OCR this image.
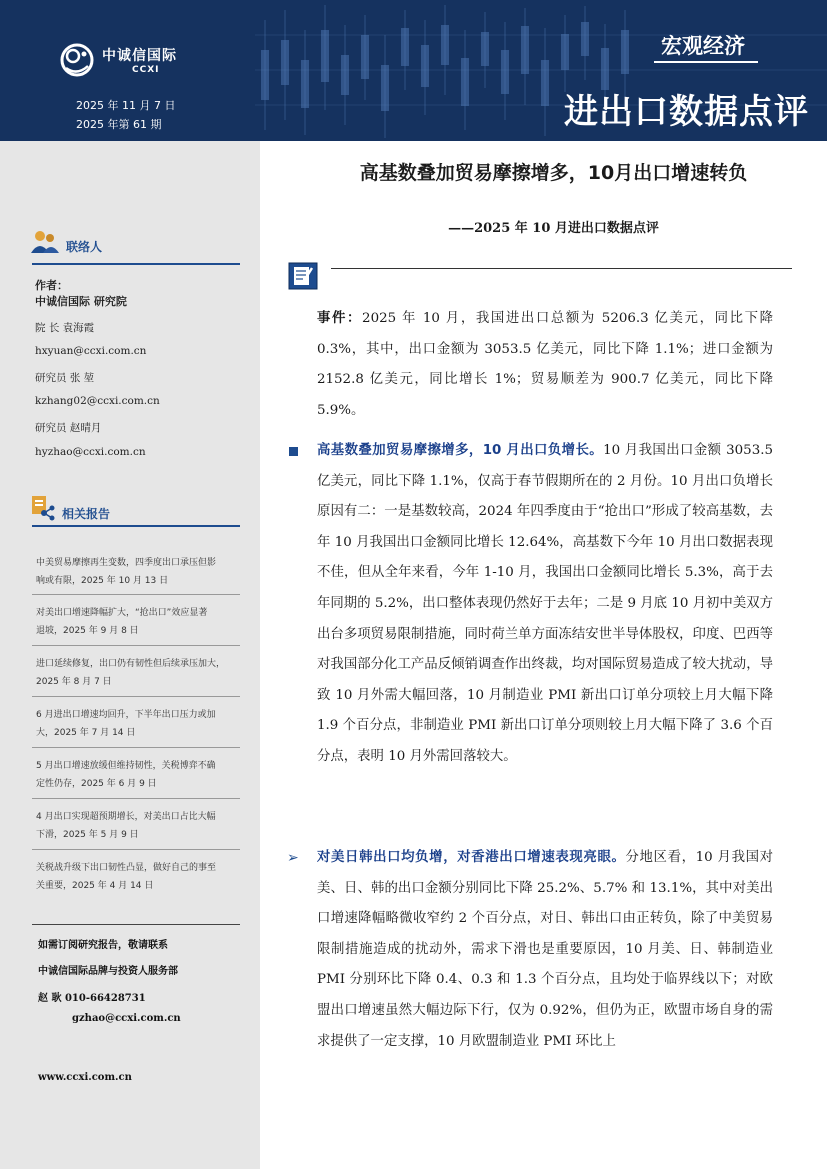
中诚信国际
CCXI
2025 年 11 月 7 日
2025 年第 61 期
宏观经济
进出口数据点评
联络人
作者：
中诚信国际 研究院
院 长 袁海霞
hxyuan@ccxi.com.cn
研究员 张 堃
kzhang02@ccxi.com.cn
研究员 赵晴月
hyzhao@ccxi.com.cn
相关报告
中美贸易摩擦再生变数，四季度出口承压但影
响或有限，2025 年 10 月 13 日
对美出口增速降幅扩大，“抢出口”效应显著
退坡，2025 年 9 月 8 日
进口延续修复，出口仍有韧性但后续承压加大，
2025 年 8 月 7 日
6 月进出口增速均回升，下半年出口压力或加
大，2025 年 7 月 14 日
5 月出口增速放缓但维持韧性，关税博弈不确
定性仍存，2025 年 6 月 9 日
4 月出口实现超预期增长，对美出口占比大幅
下滑，2025 年 5 月 9 日
关税战升级下出口韧性凸显，做好自己的事至
关重要，2025 年 4 月 14 日
如需订阅研究报告，敬请联系
中诚信国际品牌与投资人服务部
赵 耿 010-66428731
gzhao@ccxi.com.cn
www.ccxi.com.cn
高基数叠加贸易摩擦增多，10月出口增速转负
——2025 年 10 月进出口数据点评
事件：2025 年 10 月，我国进出口总额为 5206.3 亿美元，同比下降 0.3%，其中，出口金额为 3053.5 亿美元，同比下降 1.1%；进口金额为 2152.8 亿美元，同比增长 1%；贸易顺差为 900.7 亿美元，同比下降 5.9%。
高基数叠加贸易摩擦增多，10 月出口负增长。10 月我国出口金额 3053.5 亿美元，同比下降 1.1%，仅高于春节假期所在的 2 月份。10 月出口负增长原因有二：一是基数较高，2024 年四季度由于“抢出口”形成了较高基数，去年 10 月我国出口金额同比增长 12.64%，高基数下今年 10 月出口数据表现不佳，但从全年来看，今年 1-10 月，我国出口金额同比增长 5.3%，高于去年同期的 5.2%，出口整体表现仍然好于去年；二是 9 月底 10 月初中美双方出台多项贸易限制措施，同时荷兰单方面冻结安世半导体股权，印度、巴西等对我国部分化工产品反倾销调查作出终裁，均对国际贸易造成了较大扰动，导致 10 月外需大幅回落，10 月制造业 PMI 新出口订单分项较上月大幅下降 1.9 个百分点，非制造业 PMI 新出口订单分项则较上月大幅下降了 3.6 个百分点，表明 10 月外需回落较大。
➢ 对美日韩出口均负增，对香港出口增速表现亮眼。分地区看，10 月我国对美、日、韩的出口金额分别同比下降 25.2%、5.7% 和 13.1%，其中对美出口增速降幅略微收窄约 2 个百分点，对日、韩出口由正转负，除了中美贸易限制措施造成的扰动外，需求下滑也是重要原因，10 月美、日、韩制造业 PMI 分别环比下降 0.4、0.3 和 1.3 个百分点，且均处于临界线以下；对欧盟出口增速虽然大幅边际下行，仅为 0.92%，但仍为正，欧盟市场自身的需求提供了一定支撑，10 月欧盟制造业 PMI 环比上
